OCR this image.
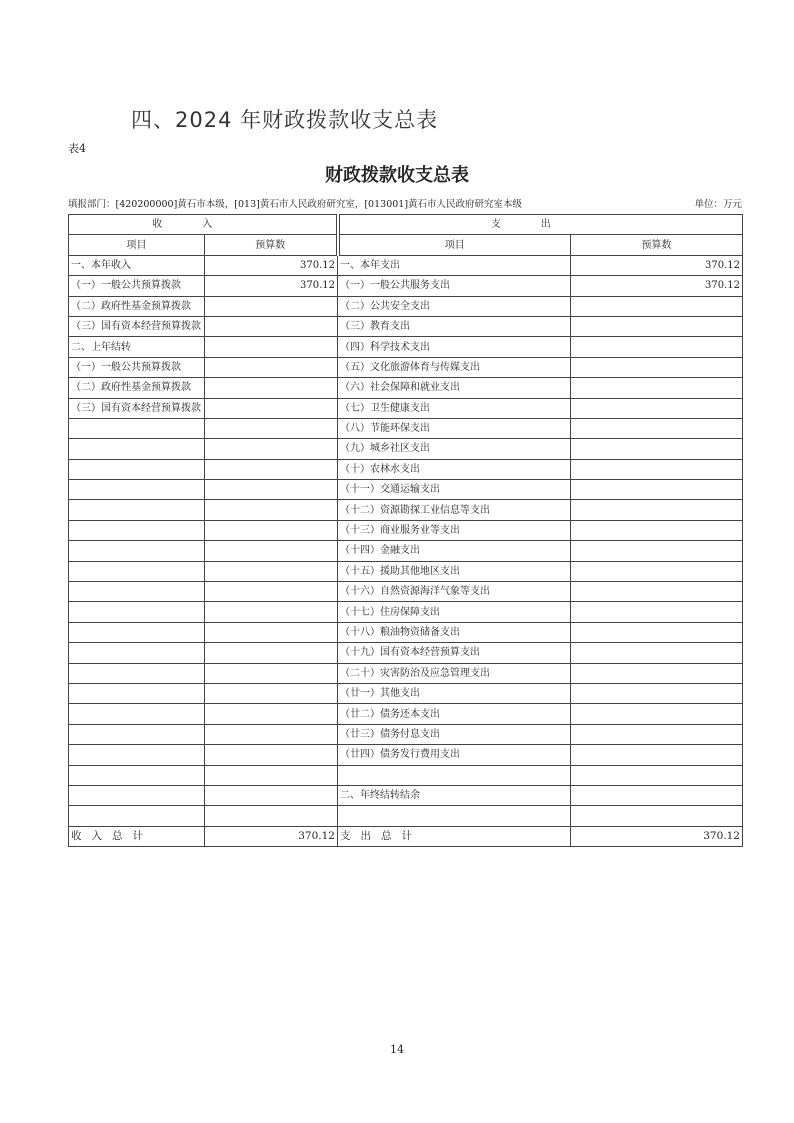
四、2024 年财政拨款收支总表
表4
财政拨款收支总表
填报部门：[420200000]黄石市本级，[013]黄石市人民政府研究室，[013001]黄石市人民政府研究室本级	单位：万元
收入		支出	
项目	预算数	项目	预算数
一、本年收入	370.12	一、本年支出	370.12
（一）一般公共预算拨款	370.12	（一）一般公共服务支出	370.12
（二）政府性基金预算拨款		（二）公共安全支出	
（三）国有资本经营预算拨款		（三）教育支出	
二、上年结转		（四）科学技术支出	
（一）一般公共预算拨款		（五）文化旅游体育与传媒支出	
（二）政府性基金预算拨款		（六）社会保障和就业支出	
（三）国有资本经营预算拨款		（七）卫生健康支出	
		（八）节能环保支出	
		（九）城乡社区支出	
		（十）农林水支出	
		（十一）交通运输支出	
		（十二）资源勘探工业信息等支出	
		（十三）商业服务业等支出	
		（十四）金融支出	
		（十五）援助其他地区支出	
		（十六）自然资源海洋气象等支出	
		（十七）住房保障支出	
		（十八）粮油物资储备支出	
		（十九）国有资本经营预算支出	
		（二十）灾害防治及应急管理支出	
		（廿一）其他支出	
		（廿二）债务还本支出	
		（廿三）债务付息支出	
		（廿四）债务发行费用支出	

		二、年终结转结余	

收入总计	370.12	支出总计	370.12
14
